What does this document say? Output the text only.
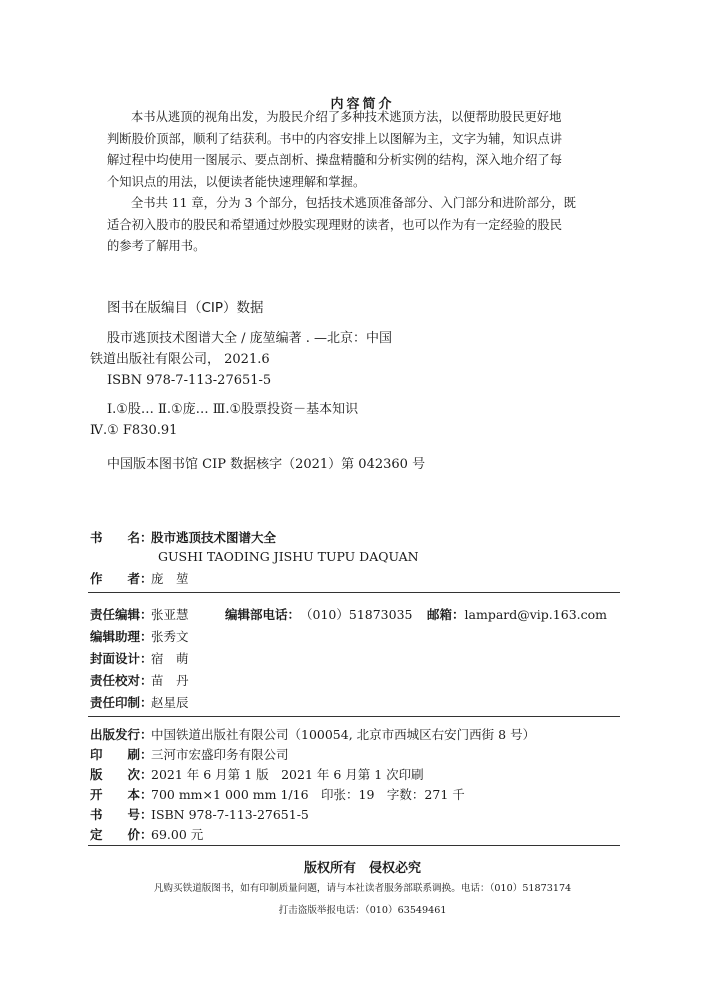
内容简介
本书从逃顶的视角出发，为股民介绍了多种技术逃顶方法，以便帮助股民更好地
判断股价顶部，顺利了结获利。书中的内容安排上以图解为主，文字为辅，知识点讲
解过程中均使用一图展示、要点剖析、操盘精髓和分析实例的结构，深入地介绍了每
个知识点的用法，以便读者能快速理解和掌握。
全书共 11 章，分为 3 个部分，包括技术逃顶准备部分、入门部分和进阶部分，既
适合初入股市的股民和希望通过炒股实现理财的读者，也可以作为有一定经验的股民
的参考了解用书。
图书在版编目（CIP）数据
股市逃顶技术图谱大全 / 庞堃编著 . —北京：中国
铁道出版社有限公司， 2021.6
ISBN 978-7-113-27651-5
Ⅰ.①股… Ⅱ.①庞… Ⅲ.①股票投资－基本知识
Ⅳ.① F830.91
中国版本图书馆 CIP 数据核字（2021）第 042360 号
书　　名：股市逃顶技术图谱大全
GUSHI TAODING JISHU TUPU DAQUAN
作　　者：庞　堃
责任编辑：张亚慧	编辑部电话：（010）51873035 邮箱：lampard@vip.163.com
编辑助理：张秀文
封面设计：宿　萌
责任校对：苗　丹
责任印制：赵星辰
出版发行：中国铁道出版社有限公司（100054, 北京市西城区右安门西街 8 号）
印　　刷：三河市宏盛印务有限公司
版　　次：2021 年 6 月第 1 版　2021 年 6 月第 1 次印刷
开　　本：700 mm×1 000 mm 1/16　印张：19　字数：271 千
书　　号：ISBN 978-7-113-27651-5
定　　价：69.00 元
版权所有　侵权必究
凡购买铁道版图书，如有印制质量问题，请与本社读者服务部联系调换。电话：（010）51873174
打击盗版举报电话：（010）63549461
